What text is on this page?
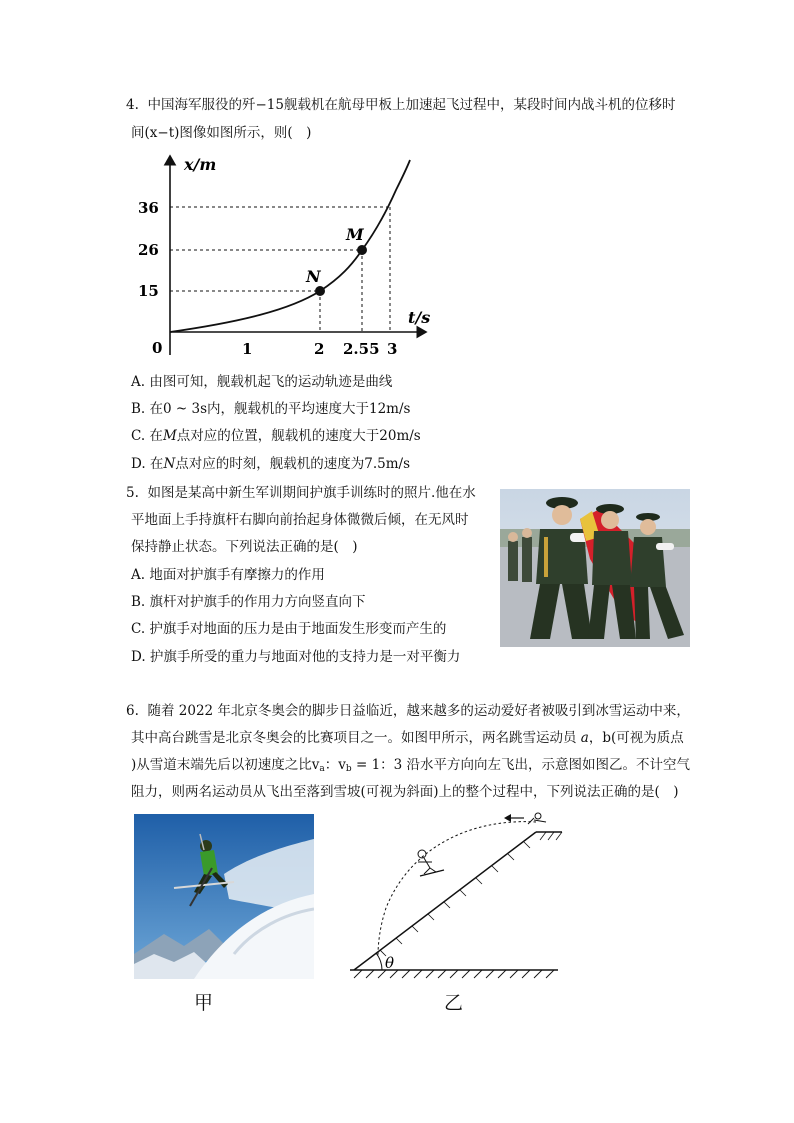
4. 中国海军服役的歼−15舰载机在航母甲板上加速起飞过程中，某段时间内战斗机的位移时
间(x−t)图像如图所示，则(　)
x/m
t/s
0
36
26
15
1	2 2.55 3
N
M
A. 由图可知，舰载机起飞的运动轨迹是曲线
B. 在0 ~ 3s内，舰载机的平均速度大于12m/s
C. 在M点对应的位置，舰载机的速度大于20m/s
D. 在N点对应的时刻，舰载机的速度为7.5m/s
5. 如图是某高中新生军训期间护旗手训练时的照片.他在水
平地面上手持旗杆右脚向前抬起身体微微后倾，在无风时
保持静止状态。下列说法正确的是(　)
A. 地面对护旗手有摩擦力的作用
B. 旗杆对护旗手的作用力方向竖直向下
C. 护旗手对地面的压力是由于地面发生形变而产生的
D. 护旗手所受的重力与地面对他的支持力是一对平衡力
6. 随着 2022 年北京冬奥会的脚步日益临近，越来越多的运动爱好者被吸引到冰雪运动中来，
其中高台跳雪是北京冬奥会的比赛项目之一。如图甲所示，两名跳雪运动员 a，b(可视为质点
)从雪道末端先后以初速度之比$v_a$：$v_b = 1$：3 沿水平方向向左飞出，示意图如图乙。不计空气
阻力，则两名运动员从飞出至落到雪坡(可视为斜面)上的整个过程中，下列说法正确的是(　)
θ
甲	乙
